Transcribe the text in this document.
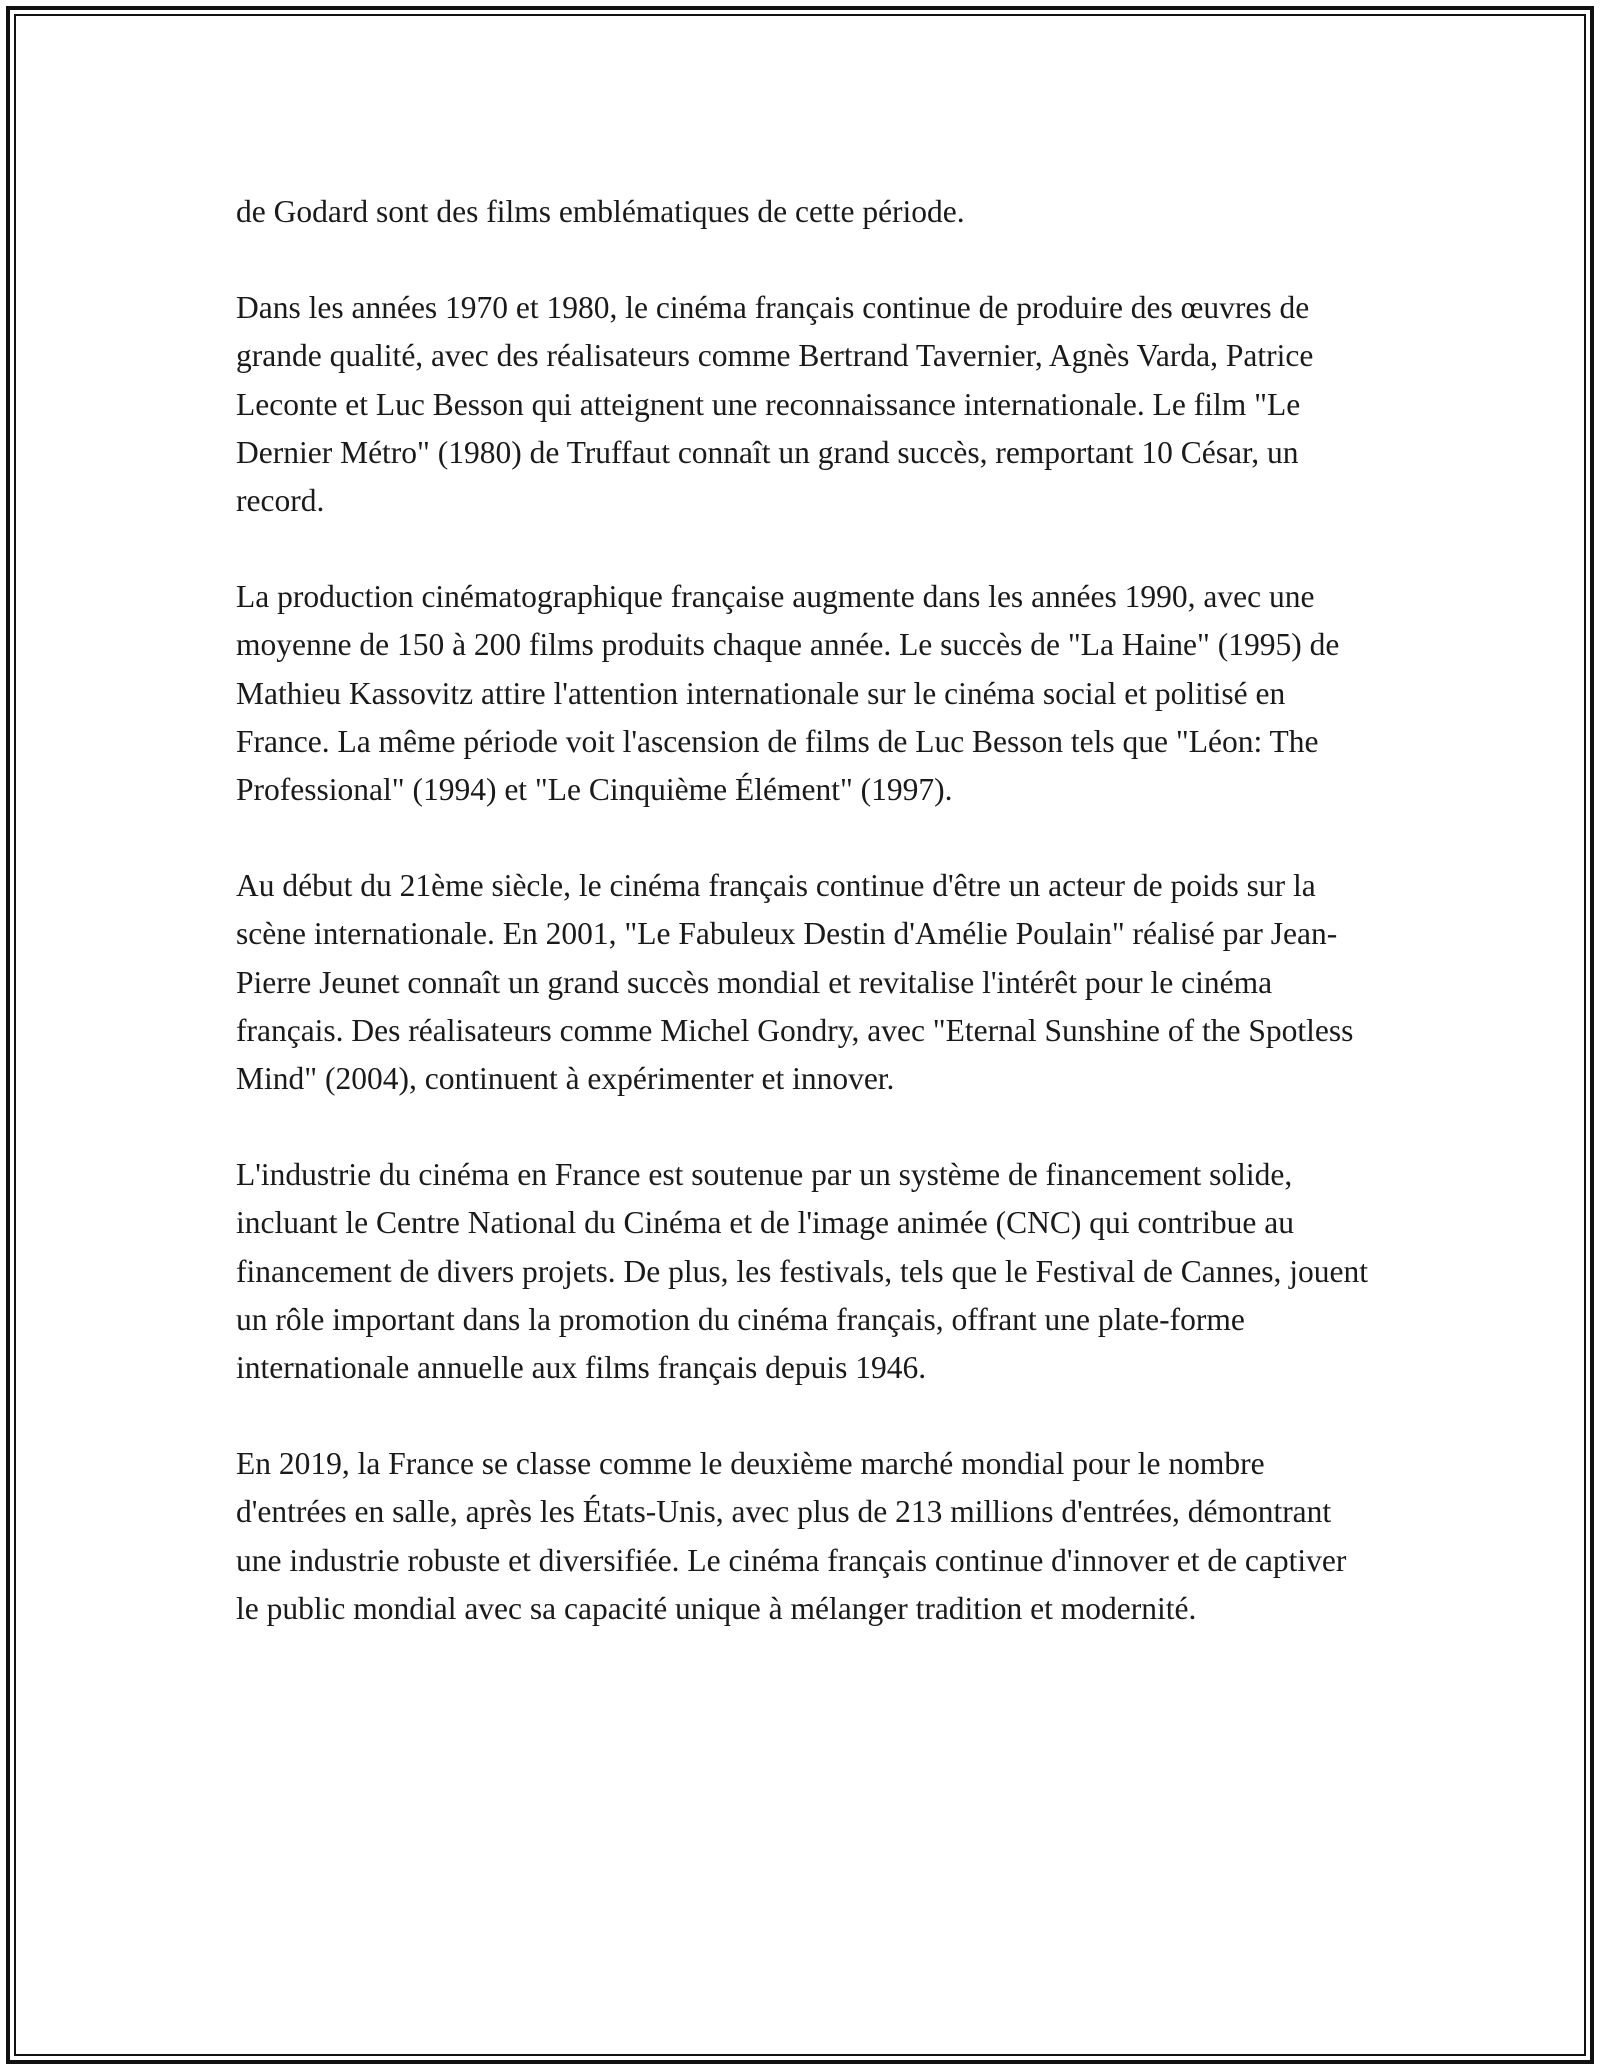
de Godard sont des films emblématiques de cette période.

Dans les années 1970 et 1980, le cinéma français continue de produire des œuvres de grande qualité, avec des réalisateurs comme Bertrand Tavernier, Agnès Varda, Patrice Leconte et Luc Besson qui atteignent une reconnaissance internationale. Le film "Le Dernier Métro" (1980) de Truffaut connaît un grand succès, remportant 10 César, un record.

La production cinématographique française augmente dans les années 1990, avec une moyenne de 150 à 200 films produits chaque année. Le succès de "La Haine" (1995) de Mathieu Kassovitz attire l'attention internationale sur le cinéma social et politisé en France. La même période voit l'ascension de films de Luc Besson tels que "Léon: The Professional" (1994) et "Le Cinquième Élément" (1997).

Au début du 21ème siècle, le cinéma français continue d'être un acteur de poids sur la scène internationale. En 2001, "Le Fabuleux Destin d'Amélie Poulain" réalisé par Jean-Pierre Jeunet connaît un grand succès mondial et revitalise l'intérêt pour le cinéma français. Des réalisateurs comme Michel Gondry, avec "Eternal Sunshine of the Spotless Mind" (2004), continuent à expérimenter et innover.

L'industrie du cinéma en France est soutenue par un système de financement solide, incluant le Centre National du Cinéma et de l'image animée (CNC) qui contribue au financement de divers projets. De plus, les festivals, tels que le Festival de Cannes, jouent un rôle important dans la promotion du cinéma français, offrant une plate-forme internationale annuelle aux films français depuis 1946.

En 2019, la France se classe comme le deuxième marché mondial pour le nombre d'entrées en salle, après les États-Unis, avec plus de 213 millions d'entrées, démontrant une industrie robuste et diversifiée. Le cinéma français continue d'innover et de captiver le public mondial avec sa capacité unique à mélanger tradition et modernité.
